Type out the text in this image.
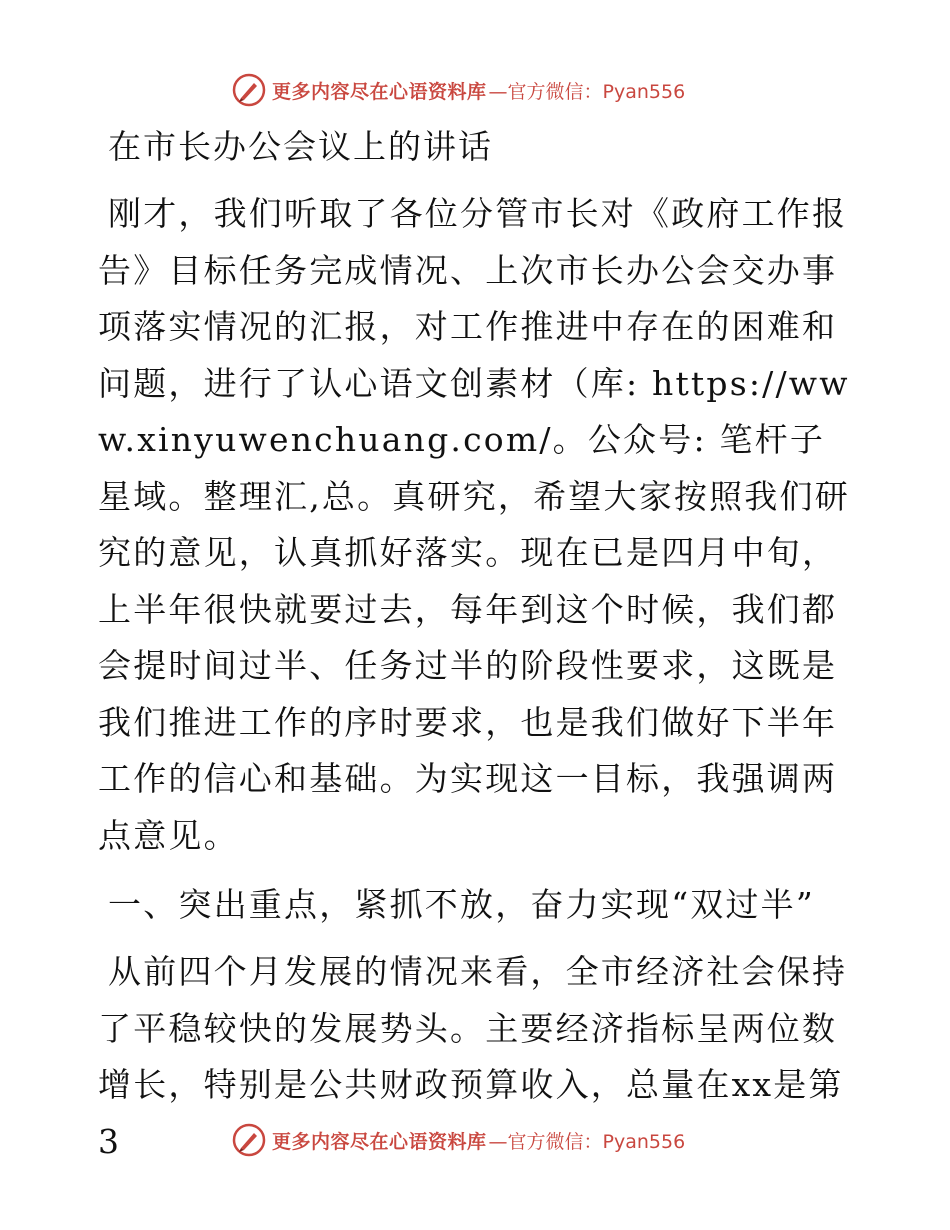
更多内容尽在心语资料库 —官方微信：Pyan556
在市长办公会议上的讲话

刚才，我们听取了各位分管市长对《政府工作报告》目标任务完成情况、上次市长办公会交办事项落实情况的汇报，对工作推进中存在的困难和问题，进行了认心语文创素材（库: https://www.xinyuwenchuang.com/。公众号: 笔杆子星域。整理汇,总。真研究，希望大家按照我们研究的意见，认真抓好落实。现在已是四月中旬，上半年很快就要过去，每年到这个时候，我们都会提时间过半、任务过半的阶段性要求，这既是我们推进工作的序时要求，也是我们做好下半年工作的信心和基础。为实现这一目标，我强调两点意见。

一、突出重点，紧抓不放，奋力实现“双过半”

从前四个月发展的情况来看，全市经济社会保持了平稳较快的发展势头。主要经济指标呈两位数增长，特别是公共财政预算收入，总量在xx是第3	更多内容尽在心语资料库 —官方微信：Pyan556
